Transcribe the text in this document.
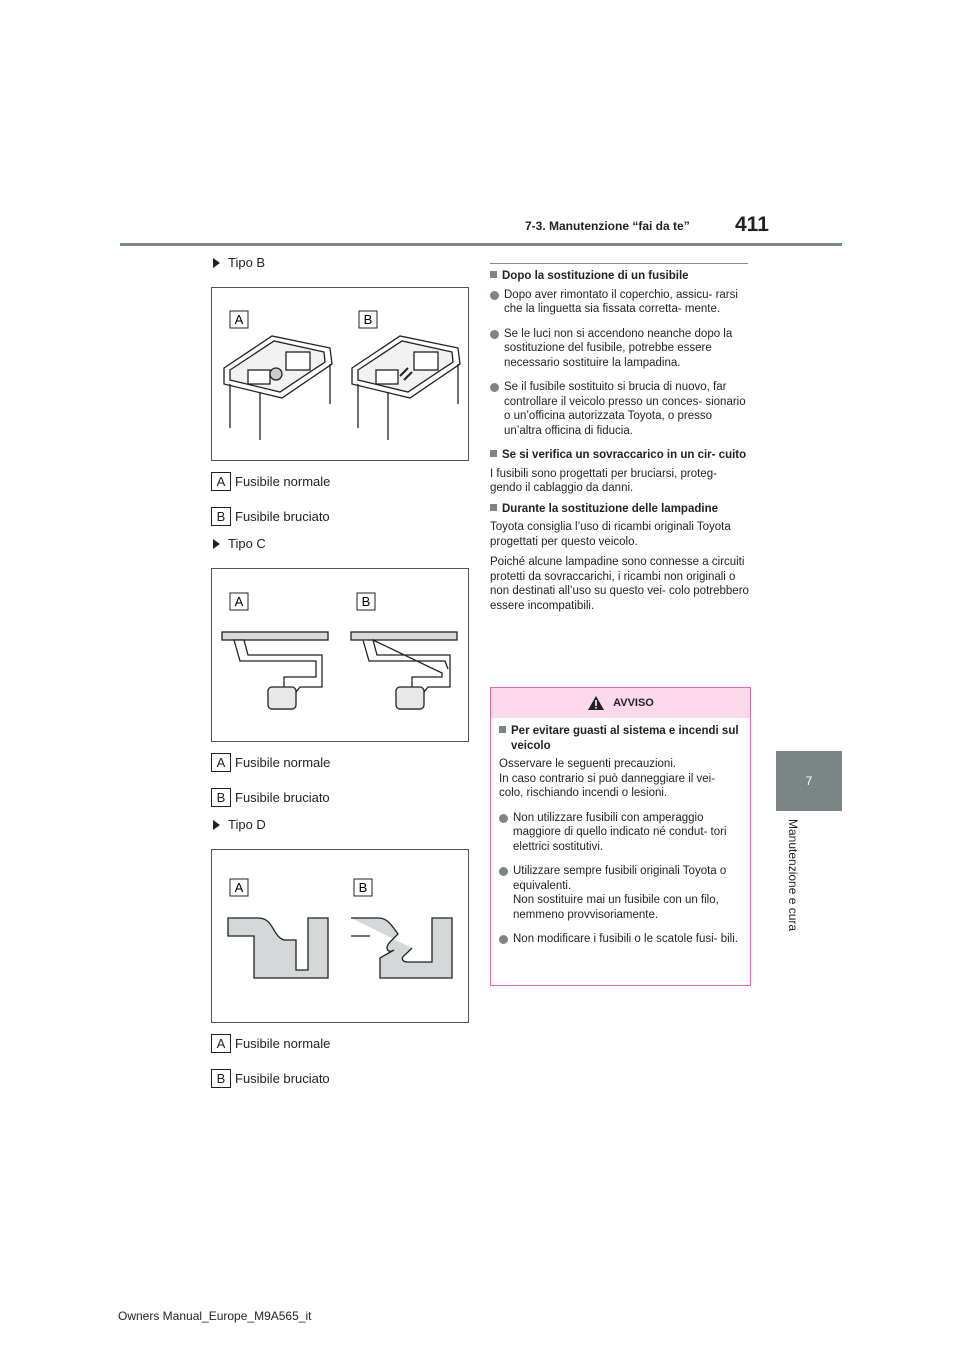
7-3. Manutenzione “fai da te” 411
7
Manutenzione e cura
Tipo B
A	B
A Fusibile normale
B Fusibile bruciato
Tipo C
A	B
A Fusibile normale
B Fusibile bruciato
Tipo D
A	B
A Fusibile normale
B Fusibile bruciato
Dopo la sostituzione di un fusibile
Dopo aver rimontato il coperchio, assicu- rarsi che la linguetta sia fissata corretta- mente.
Se le luci non si accendono neanche dopo la sostituzione del fusibile, potrebbe essere necessario sostituire la lampadina.
Se il fusibile sostituito si brucia di nuovo, far controllare il veicolo presso un conces- sionario o un’officina autorizzata Toyota, o presso un’altra officina di fiducia.
Se si verifica un sovraccarico in un cir- cuito
I fusibili sono progettati per bruciarsi, proteg- gendo il cablaggio da danni.
Durante la sostituzione delle lampadine
Toyota consiglia l’uso di ricambi originali Toyota progettati per questo veicolo.
Poiché alcune lampadine sono connesse a circuiti protetti da sovraccarichi, i ricambi non originali o non destinati all’uso su questo vei- colo potrebbero essere incompatibili.
AVVISO
Per evitare guasti al sistema e incendi sul veicolo
Osservare le seguenti precauzioni.
In caso contrario si può danneggiare il vei- colo, rischiando incendi o lesioni.
Non utilizzare fusibili con amperaggio maggiore di quello indicato né condut- tori elettrici sostitutivi.
Utilizzare sempre fusibili originali Toyota o equivalenti.
Non sostituire mai un fusibile con un filo, nemmeno provvisoriamente.
Non modificare i fusibili o le scatole fusi- bili.
Owners Manual_Europe_M9A565_it
